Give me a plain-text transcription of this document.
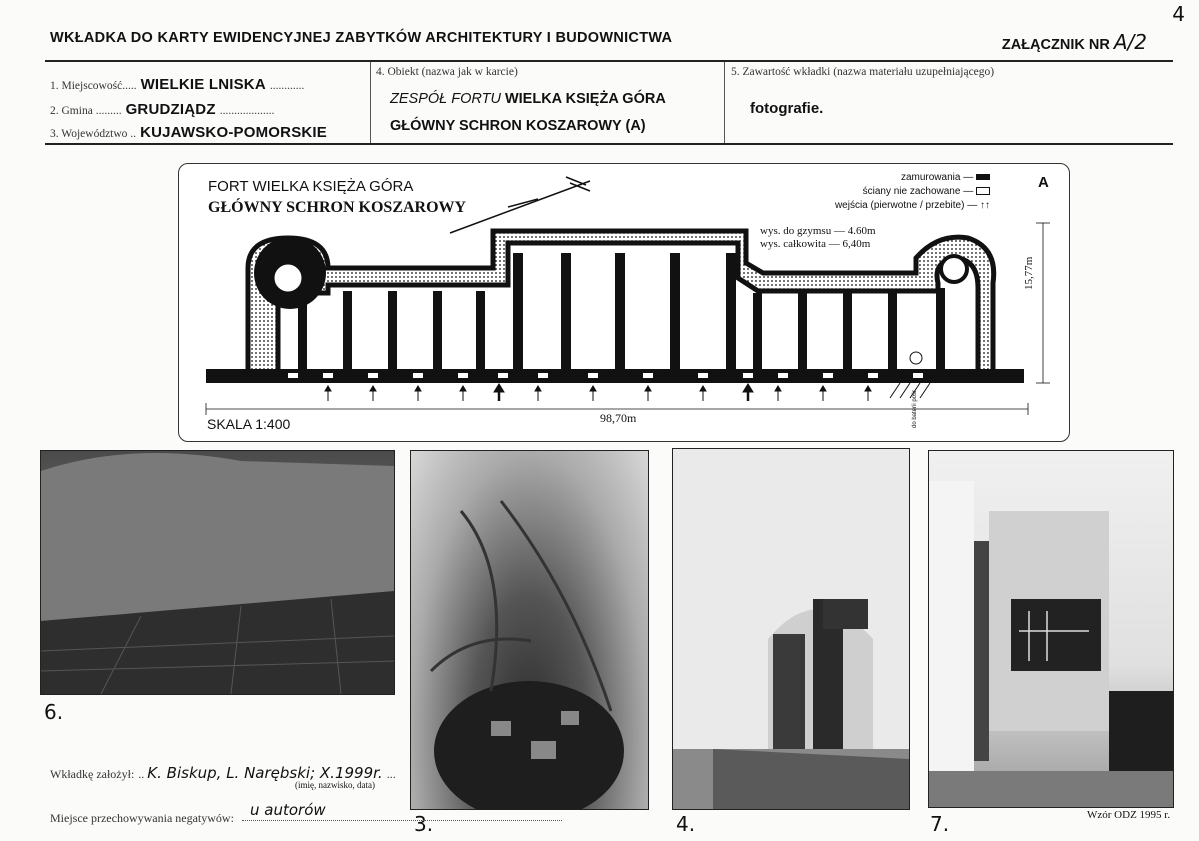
WKŁADKA DO KARTY EWIDENCYJNEJ ZABYTKÓW ARCHITEKTURY I BUDOWNICTWA	ZAŁĄCZNIK NR A/2
4
1. Miejscowość..... WIELKIE LNISKA ............
2. Gmina ......... GRUDZIĄDZ ...................
3. Województwo .. KUJAWSKO-POMORSKIE
4. Obiekt (nazwa jak w karcie)
ZESPÓŁ FORTU WIELKA KSIĘŻA GÓRA
GŁÓWNY SCHRON KOSZAROWY (A)
5. Zawartość wkładki (nazwa materiału uzupełniającego)
fotografie.
FORT WIELKA KSIĘŻA GÓRA
GŁÓWNY SCHRON KOSZAROWY
A
zamurowania —
ściany nie zachowane —
wejścia (pierwotne / przebite) — ↑↑
wys. do gzymsu — 4.60m
wys. całkowita — 6,40m
15,77m
98,70m
SKALA 1:400	do baterii pośr.
6.
3.	4.	7.
Wkładkę założył: .. K. Biskup, L. Narębski; X.1999r. ...
(imię, nazwisko, data)
Miejsce przechowywania negatywów: u autorów	Wzór ODZ 1995 r.
